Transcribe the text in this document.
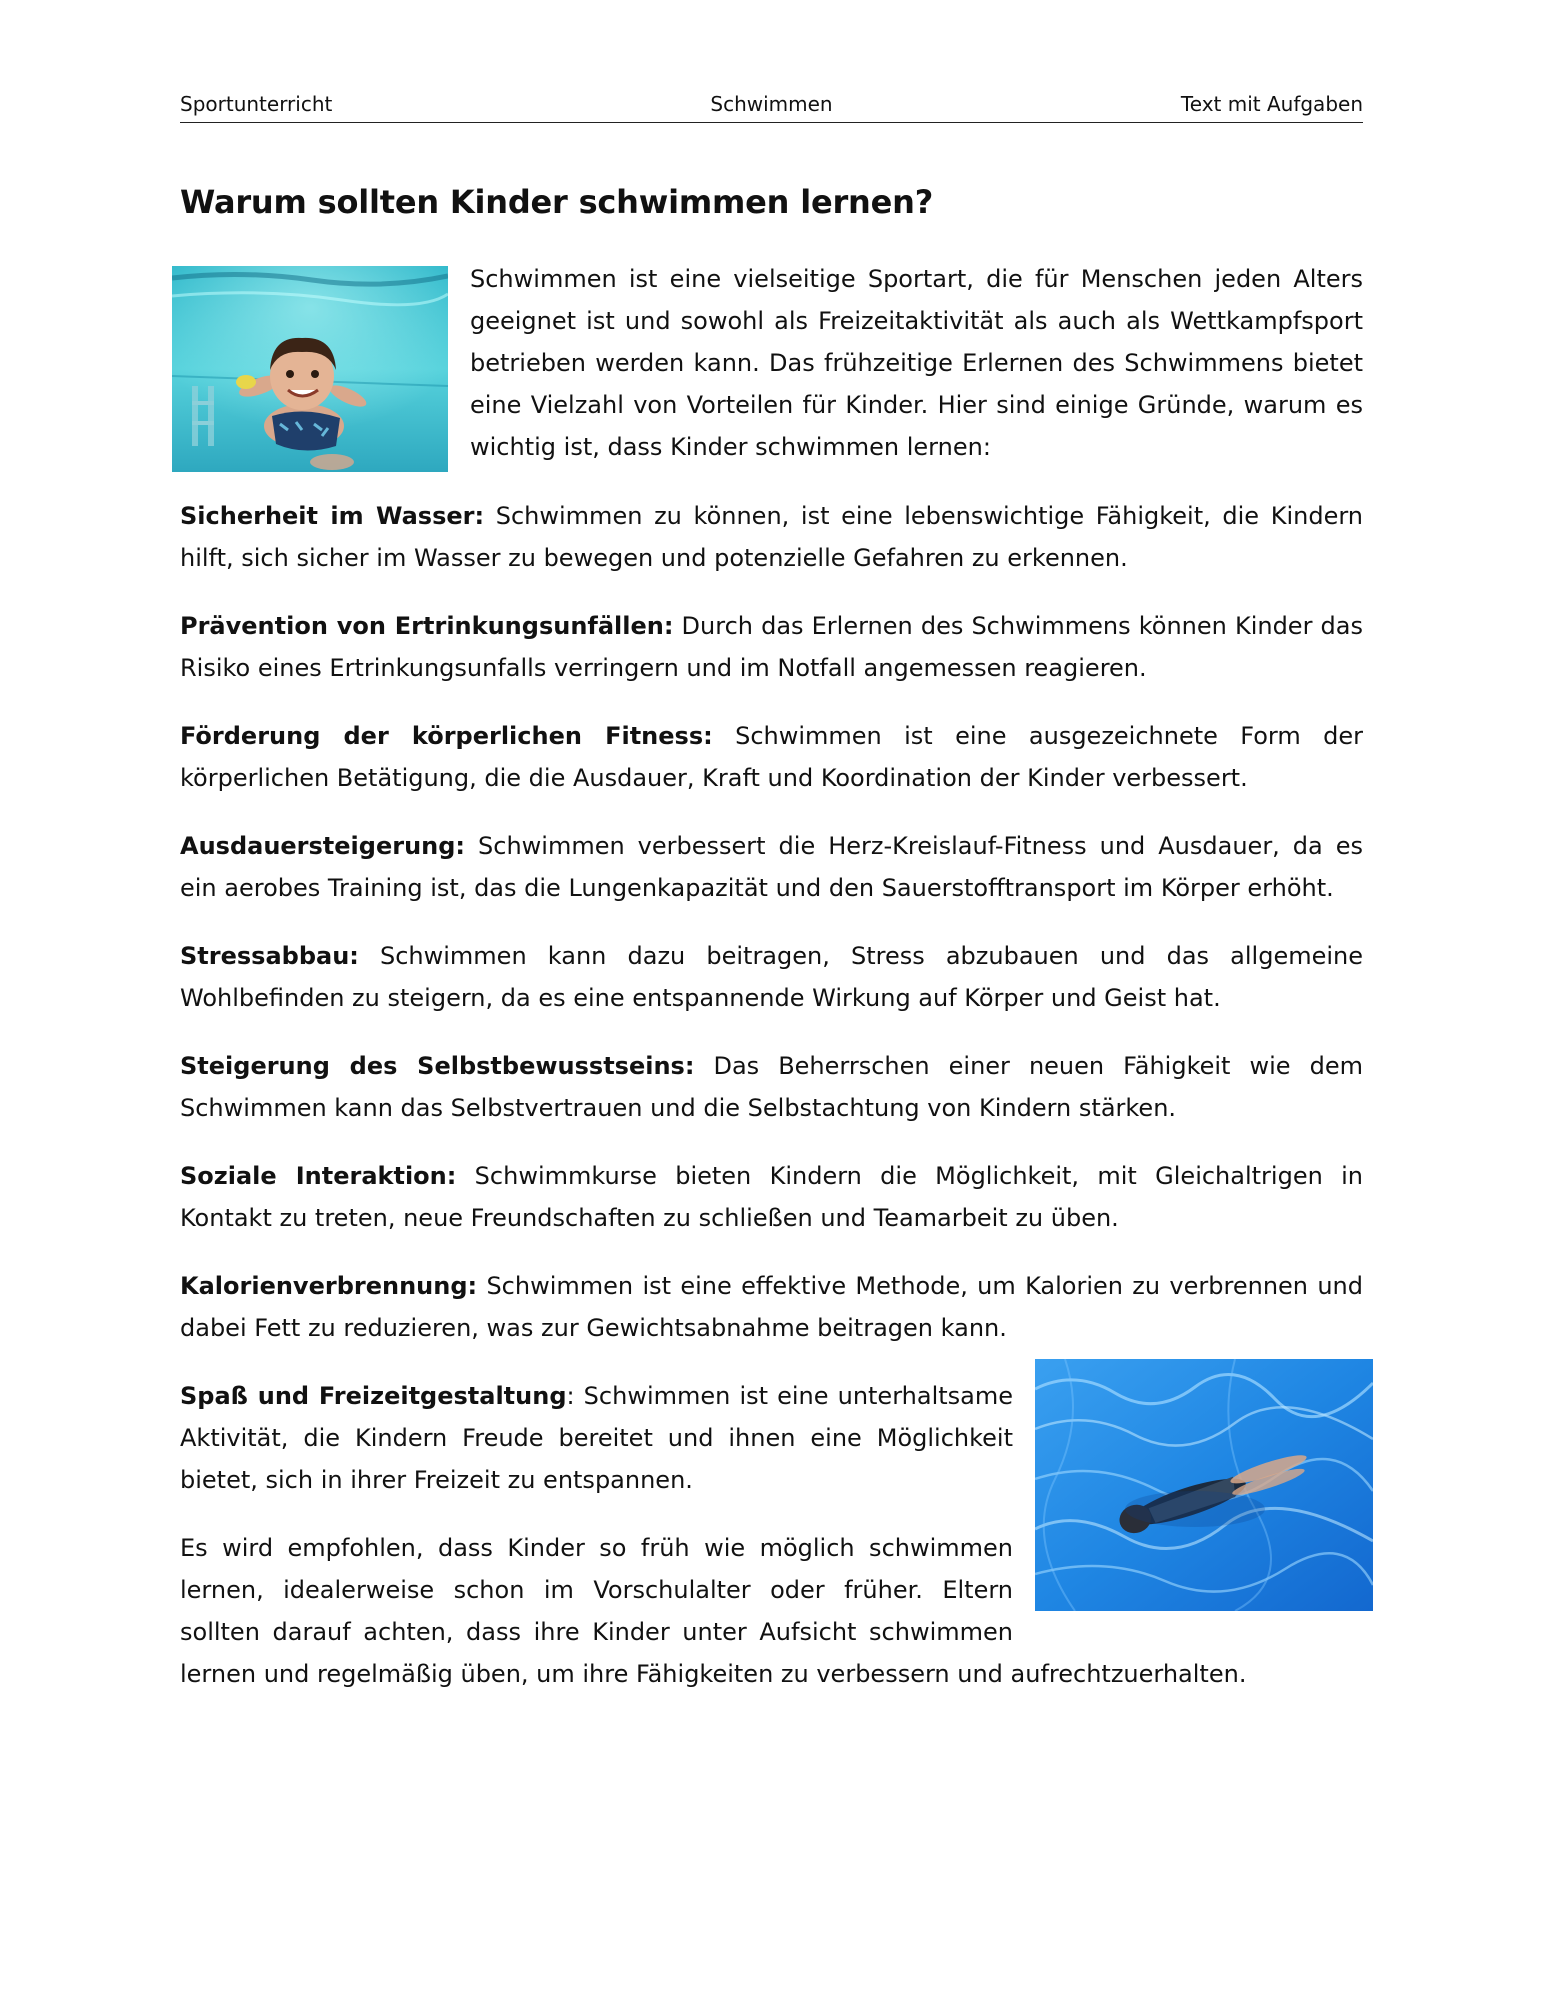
Sportunterricht	Schwimmen	Text mit Aufgaben
Warum sollten Kinder schwimmen lernen?

Schwimmen ist eine vielseitige Sportart, die für Menschen jeden Alters geeignet ist und sowohl als Freizeitaktivität als auch als Wettkampfsport betrieben werden kann. Das frühzeitige Erlernen des Schwimmens bietet eine Vielzahl von Vorteilen für Kinder. Hier sind einige Gründe, warum es wichtig ist, dass Kinder schwimmen lernen:

Sicherheit im Wasser: Schwimmen zu können, ist eine lebenswichtige Fähigkeit, die Kindern hilft, sich sicher im Wasser zu bewegen und potenzielle Gefahren zu erkennen.

Prävention von Ertrinkungsunfällen: Durch das Erlernen des Schwimmens können Kinder das Risiko eines Ertrinkungsunfalls verringern und im Notfall angemessen reagieren.

Förderung der körperlichen Fitness: Schwimmen ist eine ausgezeichnete Form der körperlichen Betätigung, die die Ausdauer, Kraft und Koordination der Kinder verbessert.

Ausdauersteigerung: Schwimmen verbessert die Herz-Kreislauf-Fitness und Ausdauer, da es ein aerobes Training ist, das die Lungenkapazität und den Sauerstofftransport im Körper erhöht.

Stressabbau: Schwimmen kann dazu beitragen, Stress abzubauen und das allgemeine Wohlbefinden zu steigern, da es eine entspannende Wirkung auf Körper und Geist hat.

Steigerung des Selbstbewusstseins: Das Beherrschen einer neuen Fähigkeit wie dem Schwimmen kann das Selbstvertrauen und die Selbstachtung von Kindern stärken.

Soziale Interaktion: Schwimmkurse bieten Kindern die Möglichkeit, mit Gleichaltrigen in Kontakt zu treten, neue Freundschaften zu schließen und Teamarbeit zu üben.

Kalorienverbrennung: Schwimmen ist eine effektive Methode, um Kalorien zu verbrennen und dabei Fett zu reduzieren, was zur Gewichtsabnahme beitragen kann.

Spaß und Freizeitgestaltung: Schwimmen ist eine unterhaltsame Aktivität, die Kindern Freude bereitet und ihnen eine Möglichkeit bietet, sich in ihrer Freizeit zu entspannen.

Es wird empfohlen, dass Kinder so früh wie möglich schwimmen lernen, idealerweise schon im Vorschulalter oder früher. Eltern sollten darauf achten, dass ihre Kinder unter Aufsicht schwimmen lernen und regelmäßig üben, um ihre Fähigkeiten zu verbessern und aufrechtzuerhalten.
